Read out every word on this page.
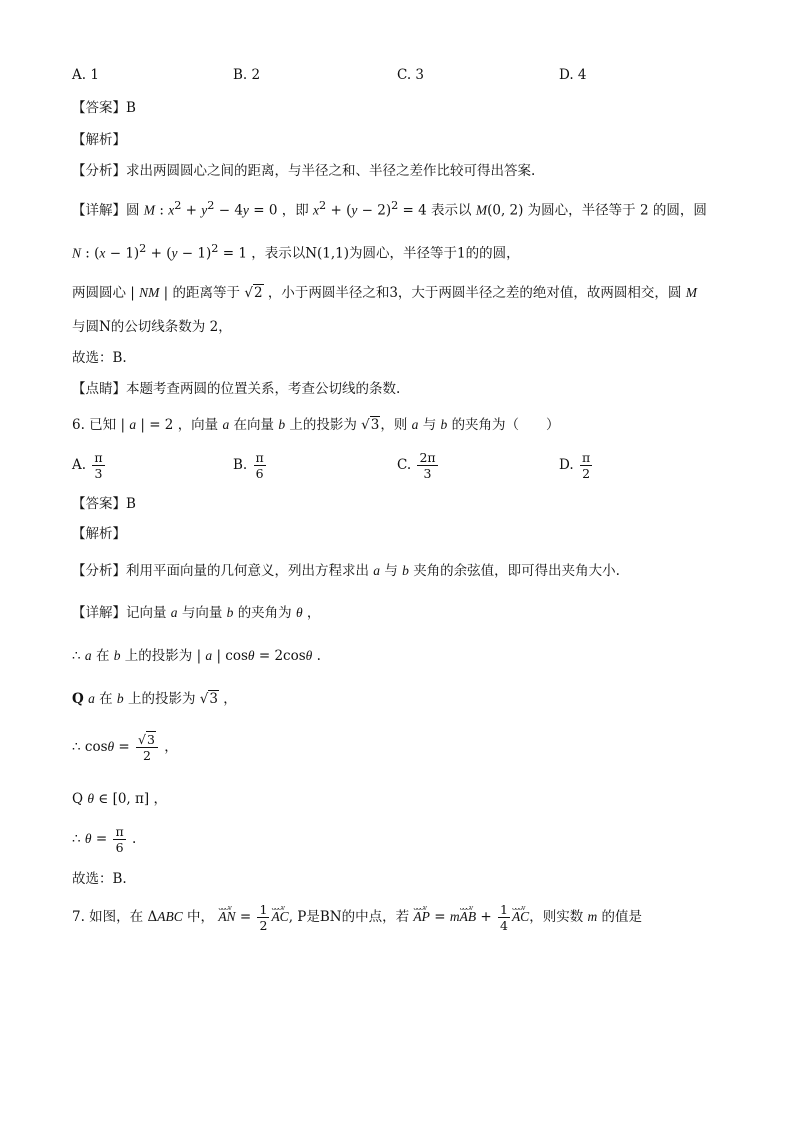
A. 1	B. 2	C. 3	D. 4
【答案】B
【解析】
【分析】求出两圆圆心之间的距离，与半径之和、半径之差作比较可得出答案.
【详解】圆 M : $x^2 + y^2 - 4y = 0$ ，即 $x^2 + (y - 2)^2 = 4$ 表示以 M(0, 2) 为圆心，半径等于 2 的圆，圆
N : $(x - 1)^2 + (y - 1)^2 = 1$ ，表示以N(1,1)为圆心，半径等于1的的圆，
两圆圆心 | NM | 的距离等于 √2 ，小于两圆半径之和3，大于两圆半径之差的绝对值，故两圆相交，圆 M
与圆N的公切线条数为 2，
故选：B.
【点睛】本题考查两圆的位置关系，考查公切线的条数.
6. 已知 | a | = 2 ，向量 a 在向量 b 上的投影为 √3，则 a 与 b 的夹角为（　　）
A. $\frac{\pi}{3}$	B. $\frac{\pi}{6}$	C. $\frac{2\pi}{3}$	D. $\frac{\pi}{2}$
【答案】B
【解析】
【分析】利用平面向量的几何意义，列出方程求出 a 与 b 夹角的余弦值，即可得出夹角大小.
【详解】记向量 a 与向量 b 的夹角为 θ ，
∴ a 在 b 上的投影为 | a | cosθ = 2cosθ .
Q a 在 b 上的投影为 √3 ，
∴ $\cos\theta = \frac{√3}{2}$ ，
Q θ ∈ [0, π] ，
∴ $\theta = \frac{\pi}{6}$ .
故选：B.
7. 如图，在 ΔABC 中， ᴗᴗᴗᴠ AN = $\frac{1}{2}$ ᴗᴗᴗᴠ AC, P是BN的中点，若 ᴗᴗᴗᴠ AP = mᴗᴗᴗᴠ AB + $\frac{1}{4}$ ᴗᴗᴗᴠ AC，则实数 m 的值是
